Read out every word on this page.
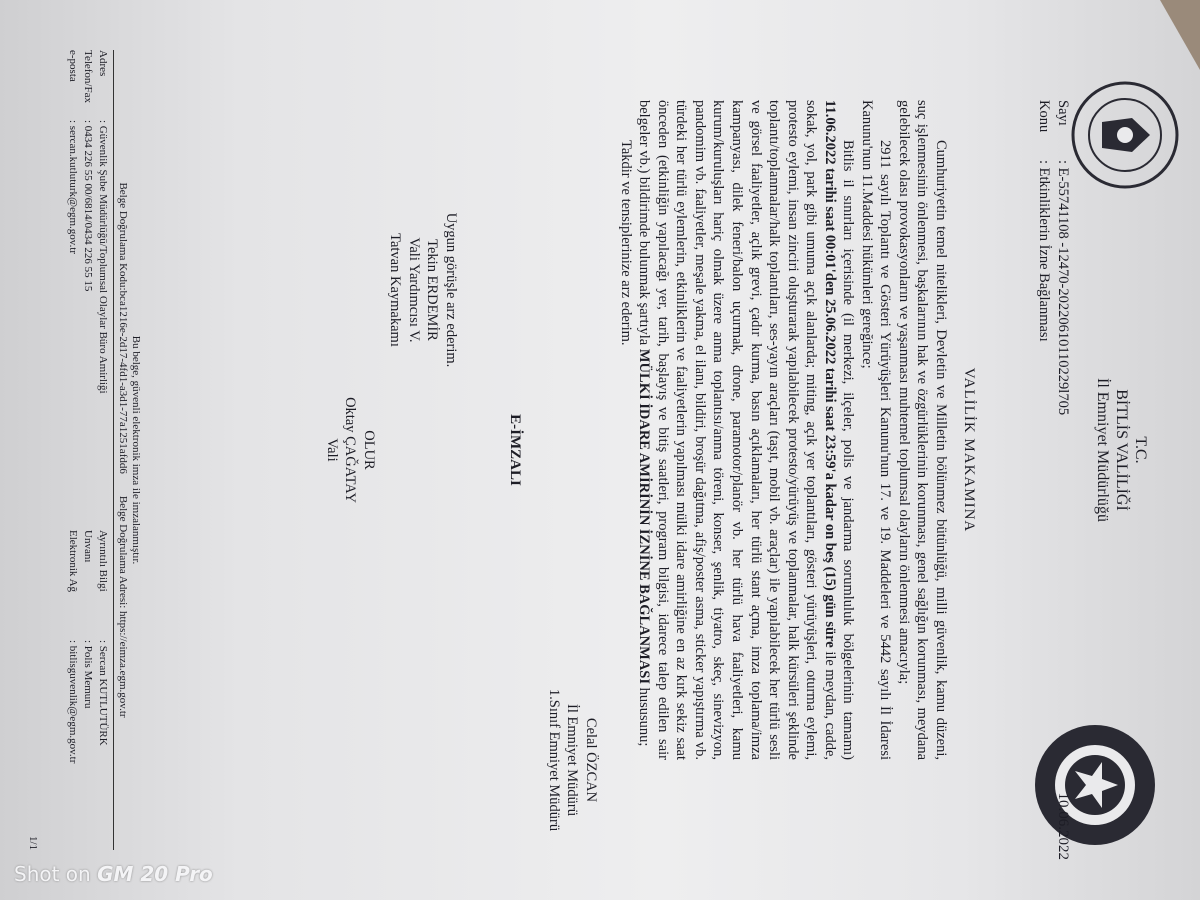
T.C.
BİTLİS VALİLİĞİ
İl Emniyet Müdürlüğü
10.06.2022
Sayı: E-55741108 -12470-20220610110229l705
Konu: Etkinliklerin İzne Bağlanması
VALİLİK MAKAMINA

Cumhuriyetin temel nitelikleri, Devletin ve Milletin bölünmez bütünlüğü, milli güvenlik, kamu düzeni, suç işlenmesinin önlenmesi, başkalarının hak ve özgürlüklerinin korunması, genel sağlığın korunması, meydana gelebilecek olası provokasyonların ve yaşanması muhtemel toplumsal olayların önlenmesi amacıyla;

2911 sayılı Toplantı ve Gösteri Yürüyüşleri Kanunu'nun 17. ve 19. Maddeleri ve 5442 sayılı İl İdaresi Kanunu'nun 11.Maddesi hükümleri gereğince;

Bitlis il sınırları içerisinde (il merkezi, ilçeler, polis ve jandarma sorumluluk bölgelerinin tamamı) 11.06.2022 tarihi saat 00:01'den 25.06.2022 tarihi saat 23:59'a kadar on beş (15) gün süre ile meydan, cadde, sokak, yol, park gibi umuma açık alanlarda; miting, açık yer toplantıları, gösteri yürüyüşleri, oturma eylemi, protesto eylemi, insan zinciri oluşturarak yapılabilecek protesto/yürüyüş ve toplanmalar, halk kürsüleri şeklinde toplantı/toplanmalar/halk toplantıları, ses-yayın araçları (taşıt, mobil vb. araçlar) ile yapılabilecek her türlü sesli ve görsel faaliyetler, açlık grevi, çadır kurma, basın açıklamaları, her türlü stant açma, imza toplama/imza kampanyası, dilek feneri/balon uçurmak, drone, paramotor/planör vb. her türlü hava faaliyetleri, kamu kurum/kuruluşları hariç olmak üzere anma toplantısı/anma töreni, konser, şenlik, tiyatro, skeç, sinevizyon, pandomim vb. faaliyetler, meşale yakma, el ilanı, bildiri, broşür dağıtma, afiş/poster asma, sticker yapıştırma vb. türdeki her türlü eylemlerin, etkinliklerin ve faaliyetlerin yapılması mülki idare amirliğine en az kırk sekiz saat önceden (etkinliğin yapılacağı yer, tarih, başlayış ve bitiş saatleri, program bilgisi, idarece talep edilen sair belgeler vb.) bildirimde bulunmak şartıyla MÜLKİ İDARE AMİRİNİN İZNİNE BAĞLANMASI hususunu;

Takdir ve tensiplerinize arz ederim.

Celal ÖZCAN
İl Emniyet Müdürü
1.Sınıf Emniyet Müdürü
E-İMZALI
Uygun görüşle arz ederim.
Tekin ERDEMİR
Vali Yardımcısı V.
Tatvan Kaymakamı
OLUR
Oktay ÇAĞATAY
Vali
Bu belge, güvenli elektronik imza ile imzalanmıştır.
Belge Doğrulama Kodu:bca1216e-2d17-4fd1-a3d1-77a1251afdd6        Belge Doğrulama Adresi: https://eimza.egm.gov.tr
Adres: Güvenlik Şube Müdürlüğü/Toplumsal Olaylar Büro Amirliği
Telefon/Fax: 0434 226 55 00/6814/0434 226 55 15
e-posta: sercan.kutluturk@egm.gov.tr
Ayrıntılı Bilgi: Sercan KUTLUTÜRK
Unvanı: Polis Memuru
Elektronik Ağ: bitlisguvenlik@egm.gov.tr
1/1
Shot on GM 20 Pro
